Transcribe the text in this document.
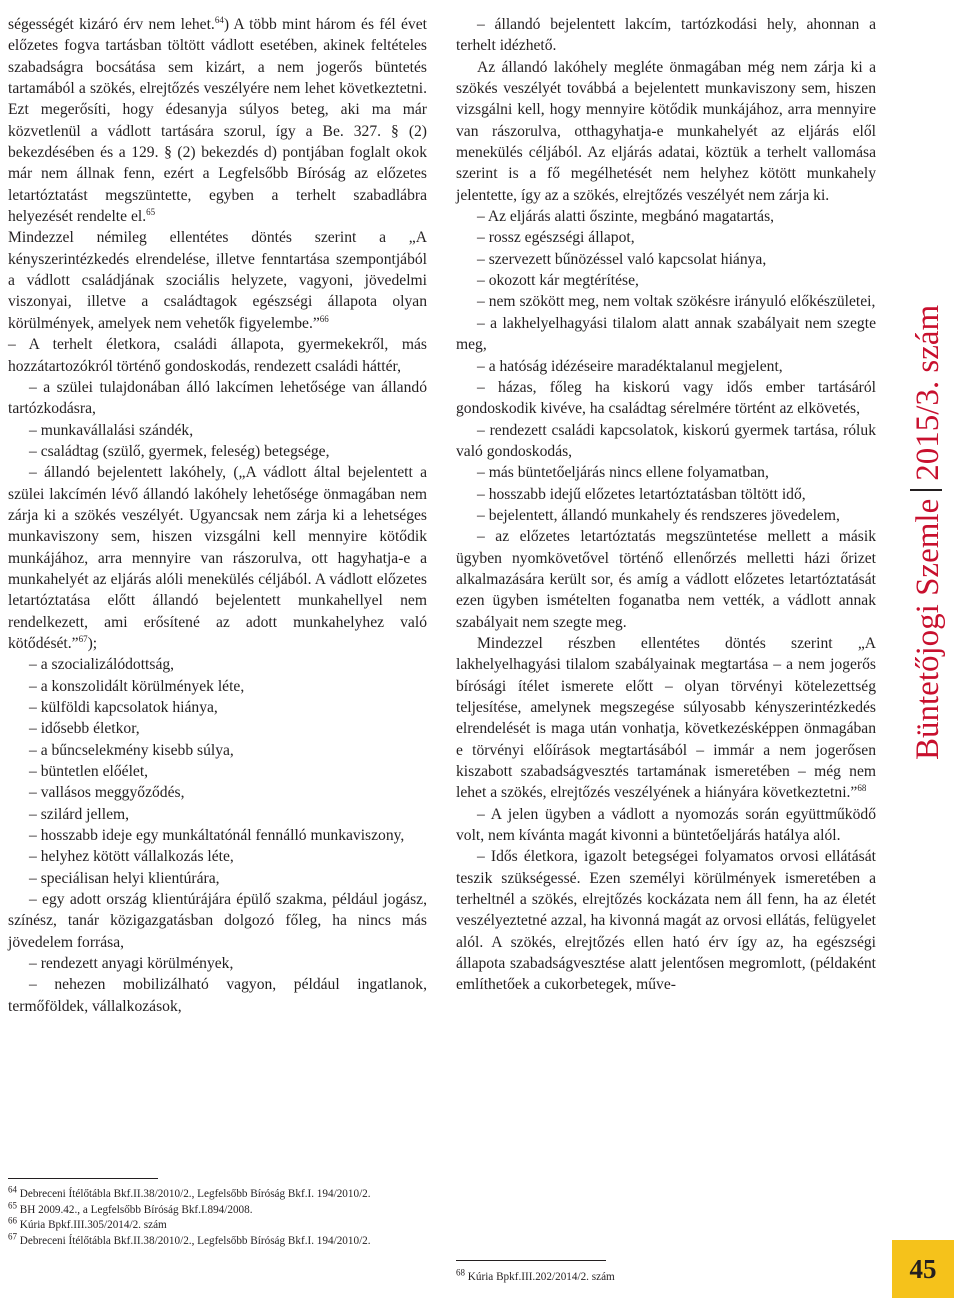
ségességét kizáró érv nem lehet.$^{64}$) A több mint három és fél évet előzetes fogva tartásban töltött vádlott esetében, akinek feltételes szabadságra bocsátása sem kizárt, a nem jogerős büntetés tartamából a szökés, elrejtőzés veszélyére nem lehet következtetni. Ezt megerősíti, hogy édesanyja súlyos beteg, aki ma már közvetlenül a vádlott tartására szorul, így a Be. 327. § (2) bekezdésében és a 129. § (2) bekezdés d) pontjában foglalt okok már nem állnak fenn, ezért a Legfelsőbb Bíróság az előzetes letartóztatást megszüntette, egyben a terhelt szabadlábra helyezését rendelte el.$^{65}$

Mindezzel némileg ellentétes döntés szerint a „A kényszerintézkedés elrendelése, illetve fenntartása szempontjából a vádlott családjának szociális helyzete, vagyoni, jövedelmi viszonyai, illetve a családtagok egészségi állapota olyan körülmények, amelyek nem vehetők figyelembe.”$^{66}$

– A terhelt életkora, családi állapota, gyermekekről, más hozzátartozókról történő gondoskodás, rendezett családi háttér,

– a szülei tulajdonában álló lakcímen lehetősége van állandó tartózkodásra,

– munkavállalási szándék,

– családtag (szülő, gyermek, feleség) betegsége,

– állandó bejelentett lakóhely, („A vádlott által bejelentett a szülei lakcímén lévő állandó lakóhely lehetősége önmagában nem zárja ki a szökés veszélyét. Ugyancsak nem zárja ki a lehetséges munkaviszony sem, hiszen vizsgálni kell mennyire kötődik munkájához, arra mennyire van rászorulva, ott hagyhatja-e a munkahelyét az eljárás alóli menekülés céljából. A vádlott előzetes letartóztatása előtt állandó bejelentett munkahellyel nem rendelkezett, ami erősítené az adott munkahelyhez való kötődését.”$^{67}$);

– a szocializálódottság,

– a konszolidált körülmények léte,

– külföldi kapcsolatok hiánya,

– idősebb életkor,

– a bűncselekmény kisebb súlya,

– büntetlen előélet,

– vallásos meggyőződés,

– szilárd jellem,

– hosszabb ideje egy munkáltatónál fennálló munkaviszony,

– helyhez kötött vállalkozás léte,

– speciálisan helyi klientúrára,

– egy adott ország klientúrájára épülő szakma, például jogász, színész, tanár közigazgatásban dolgozó főleg, ha nincs más jövedelem forrása,

– rendezett anyagi körülmények,

– nehezen mobilizálható vagyon, például ingatlanok, termőföldek, vállalkozások,

– állandó bejelentett lakcím, tartózkodási hely, ahonnan a terhelt idézhető.

Az állandó lakóhely megléte önmagában még nem zárja ki a szökés veszélyét továbbá a bejelentett munkaviszony sem, hiszen vizsgálni kell, hogy mennyire kötődik munkájához, arra mennyire van rászorulva, otthagyhatja-e munkahelyét az eljárás elől menekülés céljából. Az eljárás adatai, köztük a terhelt vallomása szerint is a fő megélhetését nem helyhez kötött munkahely jelentette, így az a szökés, elrejtőzés veszélyét nem zárja ki.

– Az eljárás alatti őszinte, megbánó magatartás,

– rossz egészségi állapot,

– szervezett bűnözéssel való kapcsolat hiánya,

– okozott kár megtérítése,

– nem szökött meg, nem voltak szökésre irányuló előkészületei,

– a lakhelyelhagyási tilalom alatt annak szabályait nem szegte meg,

– a hatóság idézéseire maradéktalanul megjelent,

– házas, főleg ha kiskorú vagy idős ember tartásáról gondoskodik kivéve, ha családtag sérelmére történt az elkövetés,

– rendezett családi kapcsolatok, kiskorú gyermek tartása, róluk való gondoskodás,

– más büntetőeljárás nincs ellene folyamatban,

– hosszabb idejű előzetes letartóztatásban töltött idő,

– bejelentett, állandó munkahely és rendszeres jövedelem,

– az előzetes letartóztatás megszüntetése mellett a másik ügyben nyomkövetővel történő ellenőrzés melletti házi őrizet alkalmazására került sor, és amíg a vádlott előzetes letartóztatását ezen ügyben ismételten foganatba nem vették, a vádlott annak szabályait nem szegte meg.

Mindezzel részben ellentétes döntés szerint „A lakhelyelhagyási tilalom szabályainak megtartása – a nem jogerős bírósági ítélet ismerete előtt – olyan törvényi kötelezettség teljesítése, amelynek megszegése súlyosabb kényszerintézkedés elrendelését is maga után vonhatja, következésképpen önmagában e törvényi előírások megtartásából – immár a nem jogerősen kiszabott szabadságvesztés tartamának ismeretében – még nem lehet a szökés, elrejtőzés veszélyének a hiányára következtetni.”$^{68}$

– A jelen ügyben a vádlott a nyomozás során együttműködő volt, nem kívánta magát kivonni a büntetőeljárás hatálya alól.

– Idős életkora, igazolt betegségei folyamatos orvosi ellátását teszik szükségessé. Ezen személyi körülmények ismeretében a terheltnél a szökés, elrejtőzés kockázata nem áll fenn, ha az életét veszélyeztetné azzal, ha kivonná magát az orvosi ellátás, felügyelet alól. A szökés, elrejtőzés ellen ható érv így az, ha egészségi állapota szabadságvesztése alatt jelentősen megromlott, (példaként említhetőek a cukorbetegek, műve-

$^{64}$ Debreceni Ítélőtábla Bkf.II.38/2010/2., Legfelsőbb Bíróság Bkf.I. 194/2010/2.

$^{65}$ BH 2009.42., a Legfelsőbb Bíróság Bkf.I.894/2008.

$^{66}$ Kúria Bpkf.III.305/2014/2. szám

$^{67}$ Debreceni Ítélőtábla Bkf.II.38/2010/2., Legfelsőbb Bíróság Bkf.I. 194/2010/2.

$^{68}$ Kúria Bpkf.III.202/2014/2. szám

Büntetőjogi Szemle2015/3. szám
45
